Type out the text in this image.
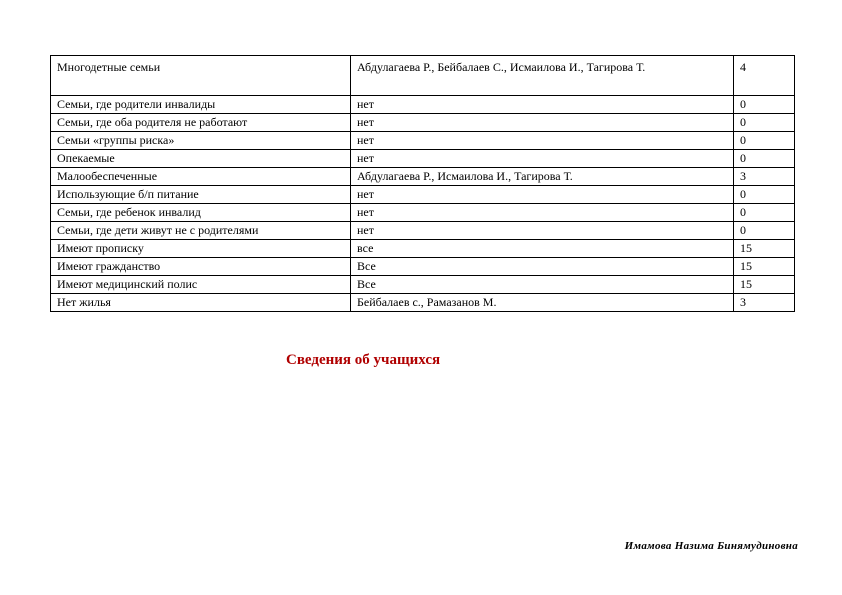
Многодетные семьи	Абдулагаева Р., Бейбалаев С., Исмаилова И., Тагирова Т.	4
Семьи, где родители инвалиды	нет	0
Семьи, где оба родителя не работают	нет	0
Семьи «группы риска»	нет	0
Опекаемые	нет	0
Малообеспеченные	Абдулагаева Р., Исмаилова И., Тагирова Т.	3
Использующие б/п питание	нет	0
Семьи, где ребенок инвалид	нет	0
Семьи, где дети живут не с родителями	нет	0
Имеют прописку	все	15
Имеют гражданство	Все	15
Имеют медицинский полис	Все	15
Нет жилья	Бейбалаев с., Рамазанов М.	3
Сведения об учащихся
Имамова Назима Бинямудиновна
